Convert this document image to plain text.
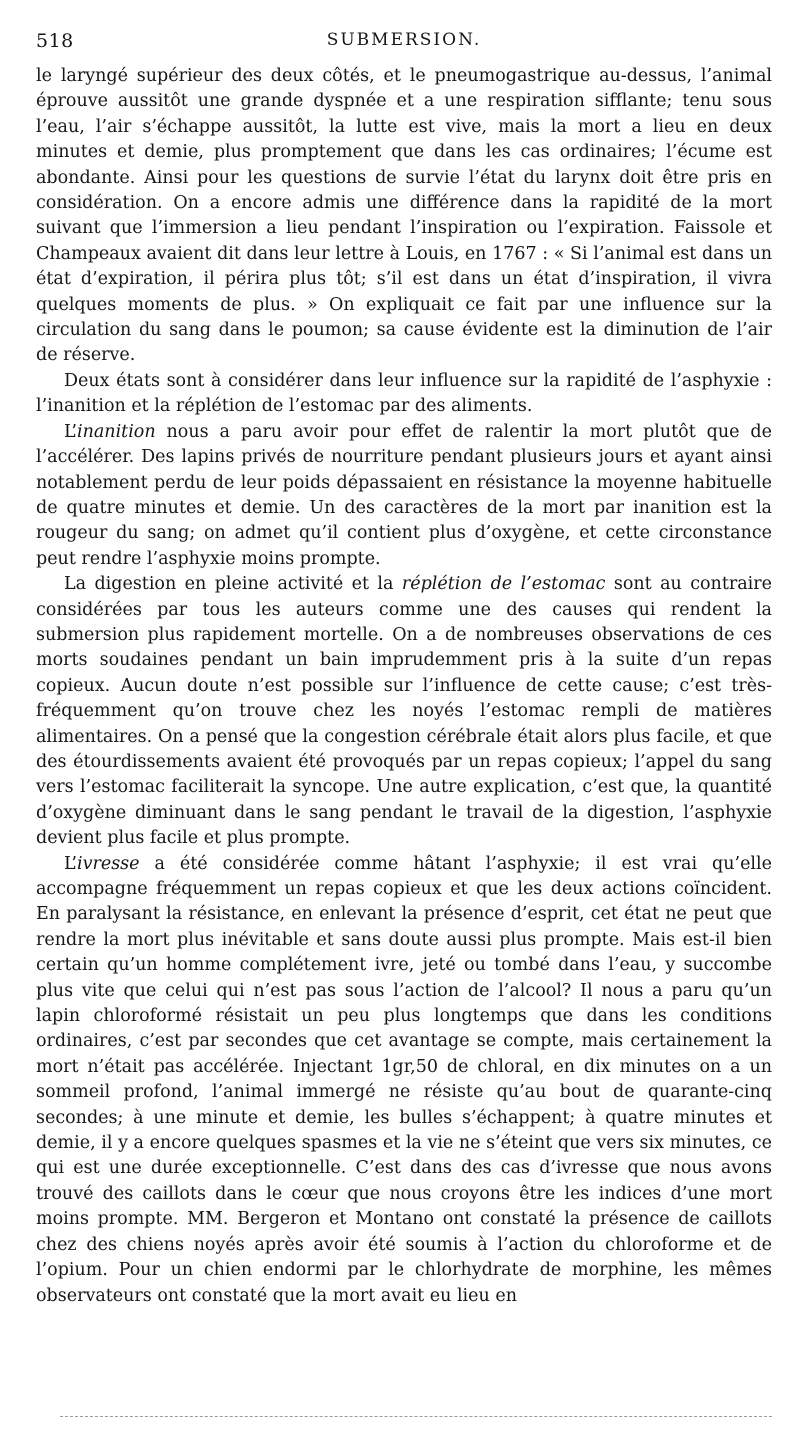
518	SUBMERSION.

le laryngé supérieur des deux côtés, et le pneumogastrique au-dessus, l’animal éprouve aussitôt une grande dyspnée et a une respiration sifflante; tenu sous l’eau, l’air s’échappe aussitôt, la lutte est vive, mais la mort a lieu en deux minutes et demie, plus promptement que dans les cas ordinaires; l’écume est abondante. Ainsi pour les questions de survie l’état du larynx doit être pris en considération. On a encore admis une différence dans la rapidité de la mort suivant que l’immersion a lieu pendant l’inspiration ou l’expiration. Faissole et Champeaux avaient dit dans leur lettre à Louis, en 1767 : « Si l’animal est dans un état d’expiration, il périra plus tôt; s’il est dans un état d’inspiration, il vivra quelques moments de plus. » On expliquait ce fait par une influence sur la circulation du sang dans le poumon; sa cause évidente est la diminution de l’air de réserve.

Deux états sont à considérer dans leur influence sur la rapidité de l’asphyxie : l’inanition et la réplétion de l’estomac par des aliments.

L’inanition nous a paru avoir pour effet de ralentir la mort plutôt que de l’accélérer. Des lapins privés de nourriture pendant plusieurs jours et ayant ainsi notablement perdu de leur poids dépassaient en résistance la moyenne habituelle de quatre minutes et demie. Un des caractères de la mort par inanition est la rougeur du sang; on admet qu’il contient plus d’oxygène, et cette circonstance peut rendre l’asphyxie moins prompte.

La digestion en pleine activité et la réplétion de l’estomac sont au contraire considérées par tous les auteurs comme une des causes qui rendent la submersion plus rapidement mortelle. On a de nombreuses observations de ces morts soudaines pendant un bain imprudemment pris à la suite d’un repas copieux. Aucun doute n’est possible sur l’influence de cette cause; c’est très-fréquemment qu’on trouve chez les noyés l’estomac rempli de matières alimentaires. On a pensé que la congestion cérébrale était alors plus facile, et que des étourdissements avaient été provoqués par un repas copieux; l’appel du sang vers l’estomac faciliterait la syncope. Une autre explication, c’est que, la quantité d’oxygène diminuant dans le sang pendant le travail de la digestion, l’asphyxie devient plus facile et plus prompte.

L’ivresse a été considérée comme hâtant l’asphyxie; il est vrai qu’elle accompagne fréquemment un repas copieux et que les deux actions coïncident. En paralysant la résistance, en enlevant la présence d’esprit, cet état ne peut que rendre la mort plus inévitable et sans doute aussi plus prompte. Mais est-il bien certain qu’un homme complétement ivre, jeté ou tombé dans l’eau, y succombe plus vite que celui qui n’est pas sous l’action de l’alcool? Il nous a paru qu’un lapin chloroformé résistait un peu plus longtemps que dans les conditions ordinaires, c’est par secondes que cet avantage se compte, mais certainement la mort n’était pas accélérée. Injectant 1gr,50 de chloral, en dix minutes on a un sommeil profond, l’animal immergé ne résiste qu’au bout de quarante-cinq secondes; à une minute et demie, les bulles s’échappent; à quatre minutes et demie, il y a encore quelques spasmes et la vie ne s’éteint que vers six minutes, ce qui est une durée exceptionnelle. C’est dans des cas d’ivresse que nous avons trouvé des caillots dans le cœur que nous croyons être les indices d’une mort moins prompte. MM. Bergeron et Montano ont constaté la présence de caillots chez des chiens noyés après avoir été soumis à l’action du chloroforme et de l’opium. Pour un chien endormi par le chlorhydrate de morphine, les mêmes observateurs ont constaté que la mort avait eu lieu en
